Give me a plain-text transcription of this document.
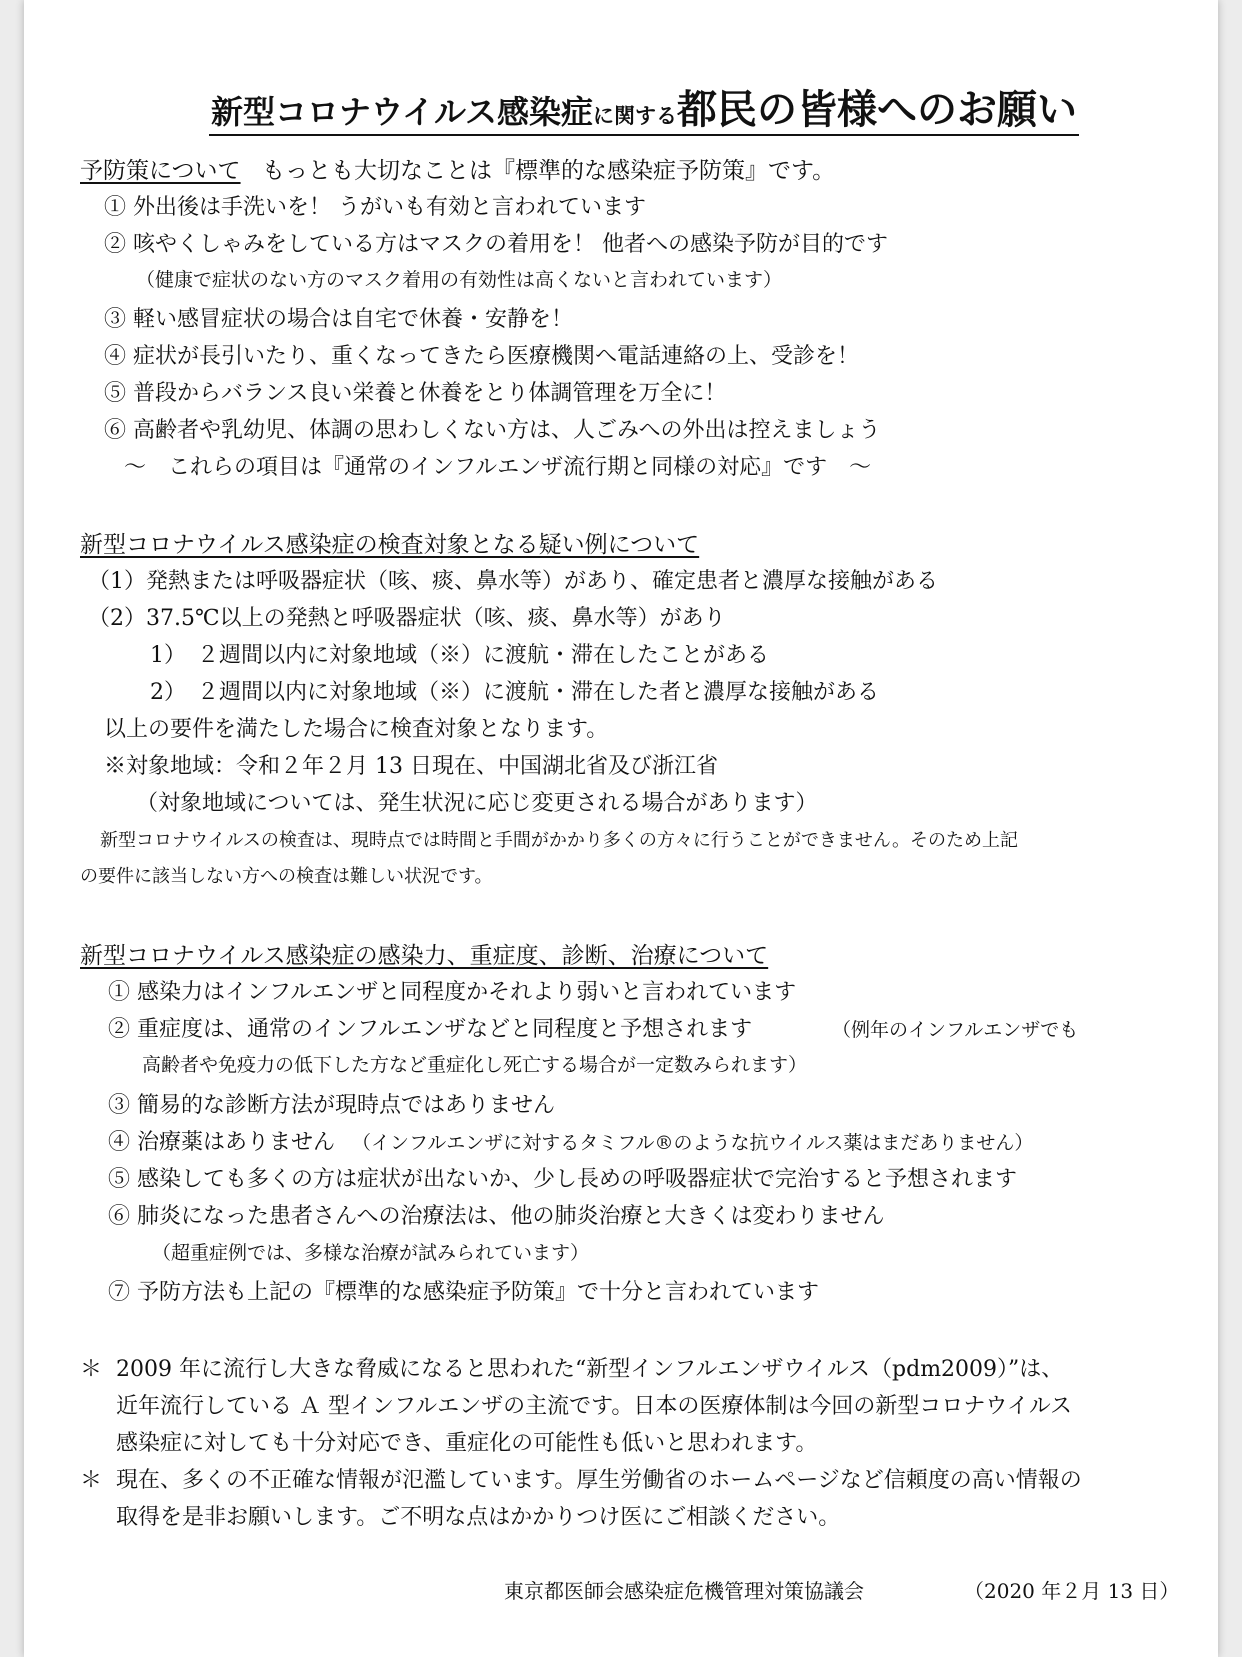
新型コロナウイルス感染症に関する都民の皆様へのお願い
予防策について もっとも大切なことは『標準的な感染症予防策』です。
① 外出後は手洗いを！ うがいも有効と言われています
② 咳やくしゃみをしている方はマスクの着用を！ 他者への感染予防が目的です
（健康で症状のない方のマスク着用の有効性は高くないと言われています）
③ 軽い感冒症状の場合は自宅で休養・安静を！
④ 症状が長引いたり、重くなってきたら医療機関へ電話連絡の上、受診を！
⑤ 普段からバランス良い栄養と休養をとり体調管理を万全に！
⑥ 高齢者や乳幼児、体調の思わしくない方は、人ごみへの外出は控えましょう
～　これらの項目は『通常のインフルエンザ流行期と同様の対応』です　～
新型コロナウイルス感染症の検査対象となる疑い例について
（1）発熱または呼吸器症状（咳、痰、鼻水等）があり、確定患者と濃厚な接触がある
（2）37.5℃以上の発熱と呼吸器症状（咳、痰、鼻水等）があり
1）　２週間以内に対象地域（※）に渡航・滞在したことがある
2）　２週間以内に対象地域（※）に渡航・滞在した者と濃厚な接触がある
以上の要件を満たした場合に検査対象となります。
※対象地域：令和２年２月 13 日現在、中国湖北省及び浙江省
（対象地域については、発生状況に応じ変更される場合があります）
新型コロナウイルスの検査は、現時点では時間と手間がかかり多くの方々に行うことができません。そのため上記
の要件に該当しない方への検査は難しい状況です。
新型コロナウイルス感染症の感染力、重症度、診断、治療について
① 感染力はインフルエンザと同程度かそれより弱いと言われています
② 重症度は、通常のインフルエンザなどと同程度と予想されます	（例年のインフルエンザでも
高齢者や免疫力の低下した方など重症化し死亡する場合が一定数みられます）
③ 簡易的な診断方法が現時点ではありません
④ 治療薬はありません （インフルエンザに対するタミフル®のような抗ウイルス薬はまだありません）
⑤ 感染しても多くの方は症状が出ないか、少し長めの呼吸器症状で完治すると予想されます
⑥ 肺炎になった患者さんへの治療法は、他の肺炎治療と大きくは変わりません
（超重症例では、多様な治療が試みられています）
⑦ 予防方法も上記の『標準的な感染症予防策』で十分と言われています
＊ 2009 年に流行し大きな脅威になると思われた“新型インフルエンザウイルス（pdm2009）”は、
近年流行している Ａ 型インフルエンザの主流です。日本の医療体制は今回の新型コロナウイルス
感染症に対しても十分対応でき、重症化の可能性も低いと思われます。
＊ 現在、多くの不正確な情報が氾濫しています。厚生労働省のホームページなど信頼度の高い情報の
取得を是非お願いします。ご不明な点はかかりつけ医にご相談ください。
東京都医師会感染症危機管理対策協議会	（2020 年２月 13 日）
